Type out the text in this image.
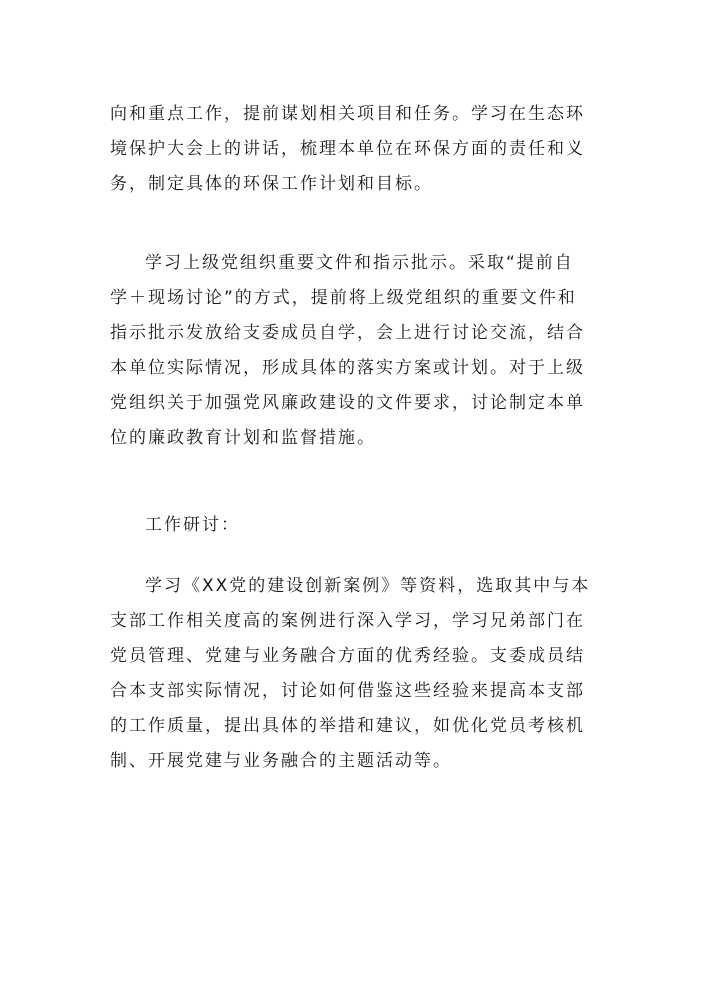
向和重点工作，提前谋划相关项目和任务。学习在生态环
境保护大会上的讲话，梳理本单位在环保方面的责任和义
务，制定具体的环保工作计划和目标。

学习上级党组织重要文件和指示批示。采取“提前自
学＋现场讨论”的方式，提前将上级党组织的重要文件和
指示批示发放给支委成员自学，会上进行讨论交流，结合
本单位实际情况，形成具体的落实方案或计划。对于上级
党组织关于加强党风廉政建设的文件要求，讨论制定本单
位的廉政教育计划和监督措施。

工作研讨：

学习《XX党的建设创新案例》等资料，选取其中与本
支部工作相关度高的案例进行深入学习，学习兄弟部门在
党员管理、党建与业务融合方面的优秀经验。支委成员结
合本支部实际情况，讨论如何借鉴这些经验来提高本支部
的工作质量，提出具体的举措和建议，如优化党员考核机
制、开展党建与业务融合的主题活动等。
